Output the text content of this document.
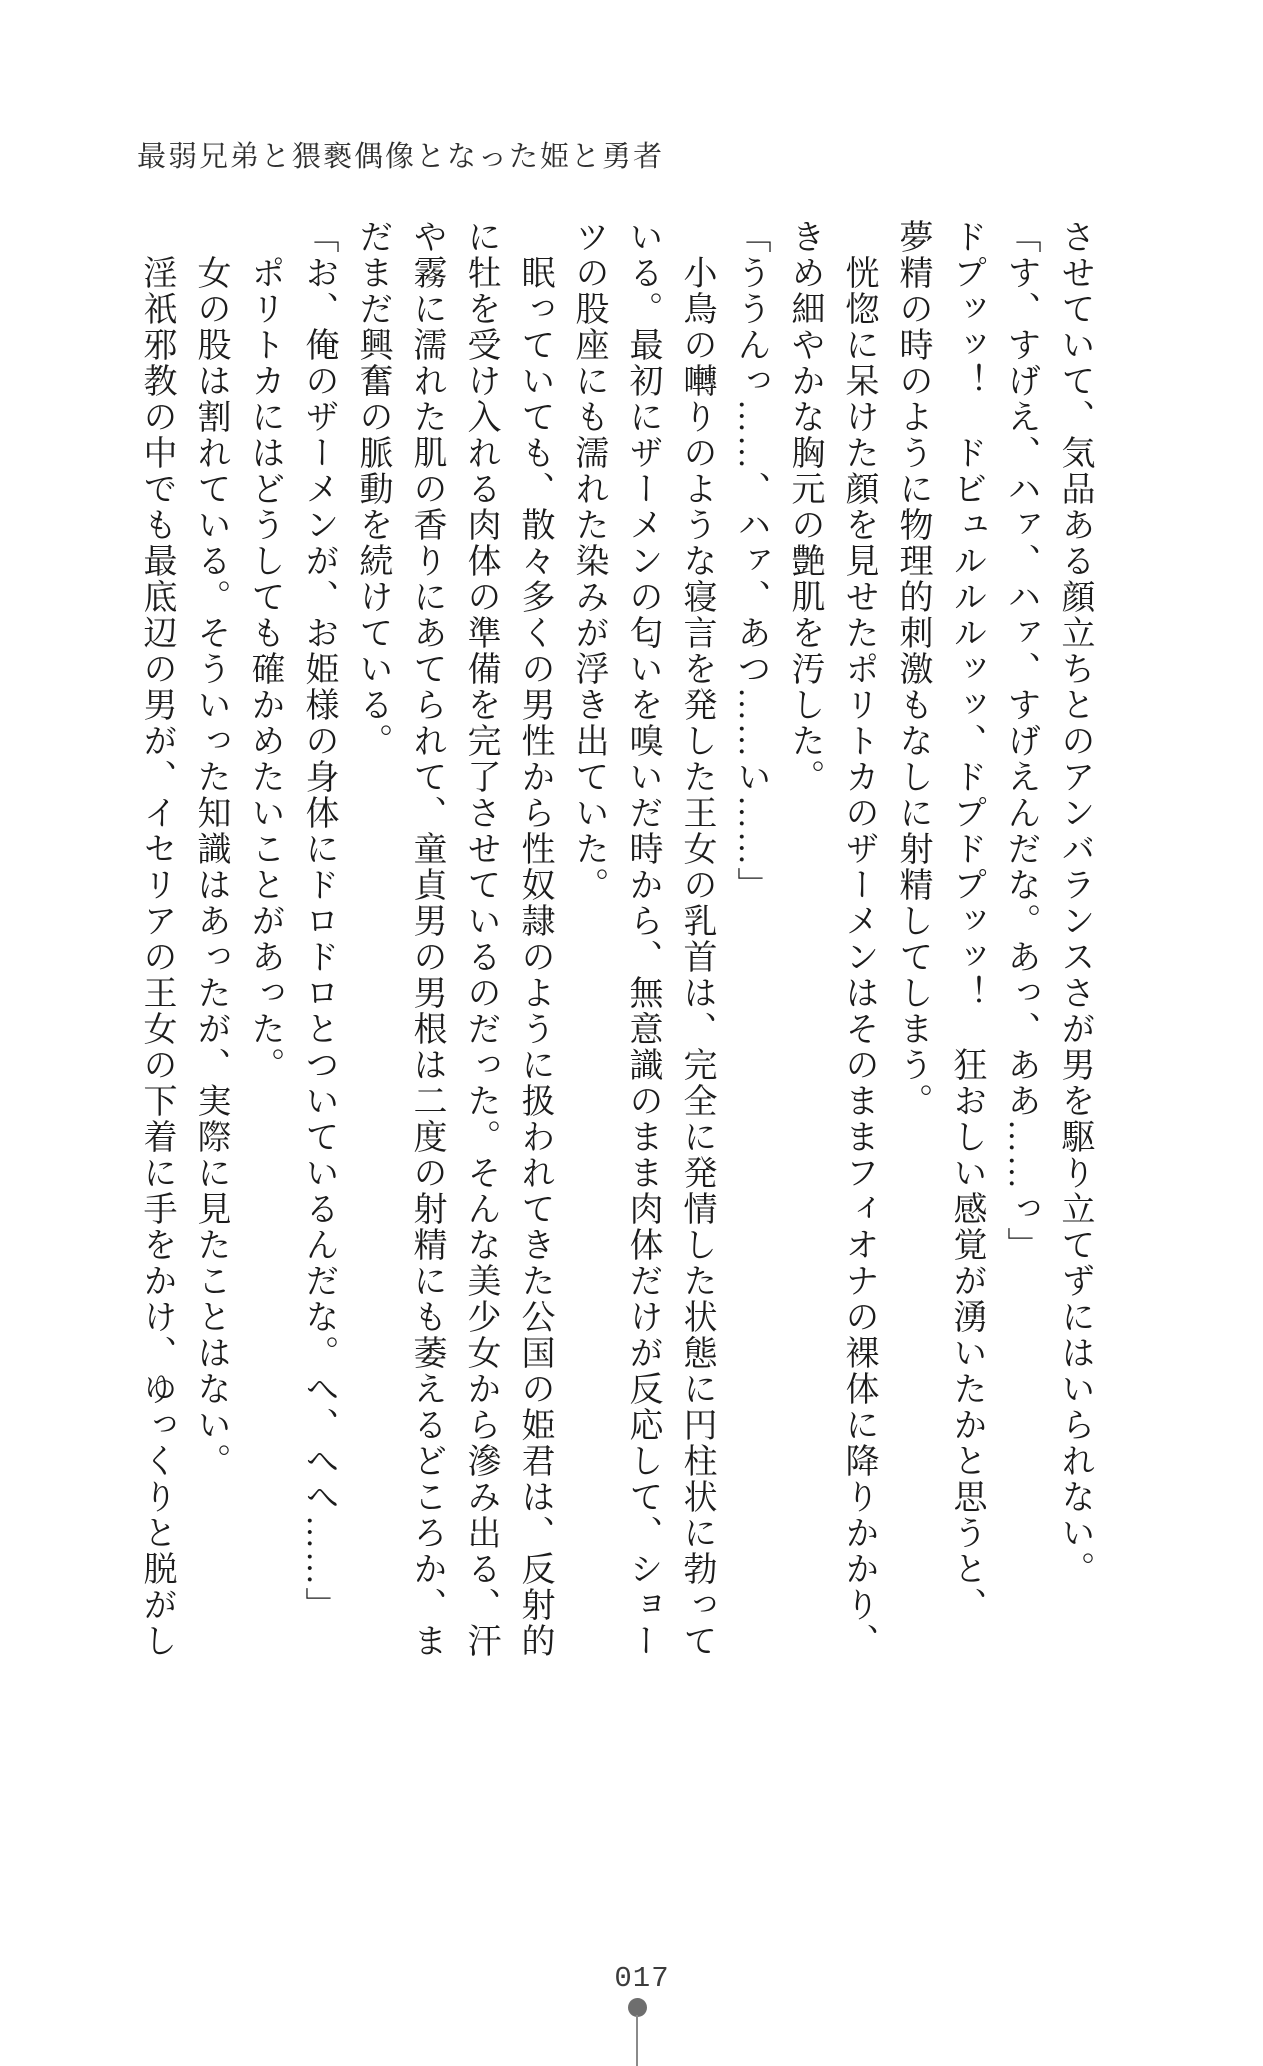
最弱兄弟と猥褻偶像となった姫と勇者

させていて、気品ある顔立ちとのアンバランスさが男を駆り立てずにはいられない。

「す、すげえ、ハァ、ハァ、すげえんだな。あっ、ああ……っ」

ドプッッ！　ドビュルルルッッ、ドプドプッッ！　狂おしい感覚が湧いたかと思うと、

夢精の時のように物理的刺激もなしに射精してしまう。

恍惚に呆けた顔を見せたポリトカのザーメンはそのままフィオナの裸体に降りかかり、

きめ細やかな胸元の艶肌を汚した。

「ううんっ……、ハァ、あつ……い……」

小鳥の囀りのような寝言を発した王女の乳首は、完全に発情した状態に円柱状に勃って

いる。最初にザーメンの匂いを嗅いだ時から、無意識のまま肉体だけが反応して、ショー

ツの股座にも濡れた染みが浮き出ていた。

眠っていても、散々多くの男性から性奴隷のように扱われてきた公国の姫君は、反射的

に牡を受け入れる肉体の準備を完了させているのだった。そんな美少女から滲み出る、汗

や霧に濡れた肌の香りにあてられて、童貞男の男根は二度の射精にも萎えるどころか、ま

だまだ興奮の脈動を続けている。

「お、俺のザーメンが、お姫様の身体にドロドロとついているんだな。へ、へへ……」

ポリトカにはどうしても確かめたいことがあった。

女の股は割れている。そういった知識はあったが、実際に見たことはない。

淫祇邪教の中でも最底辺の男が、イセリアの王女の下着に手をかけ、ゆっくりと脱がし

017
